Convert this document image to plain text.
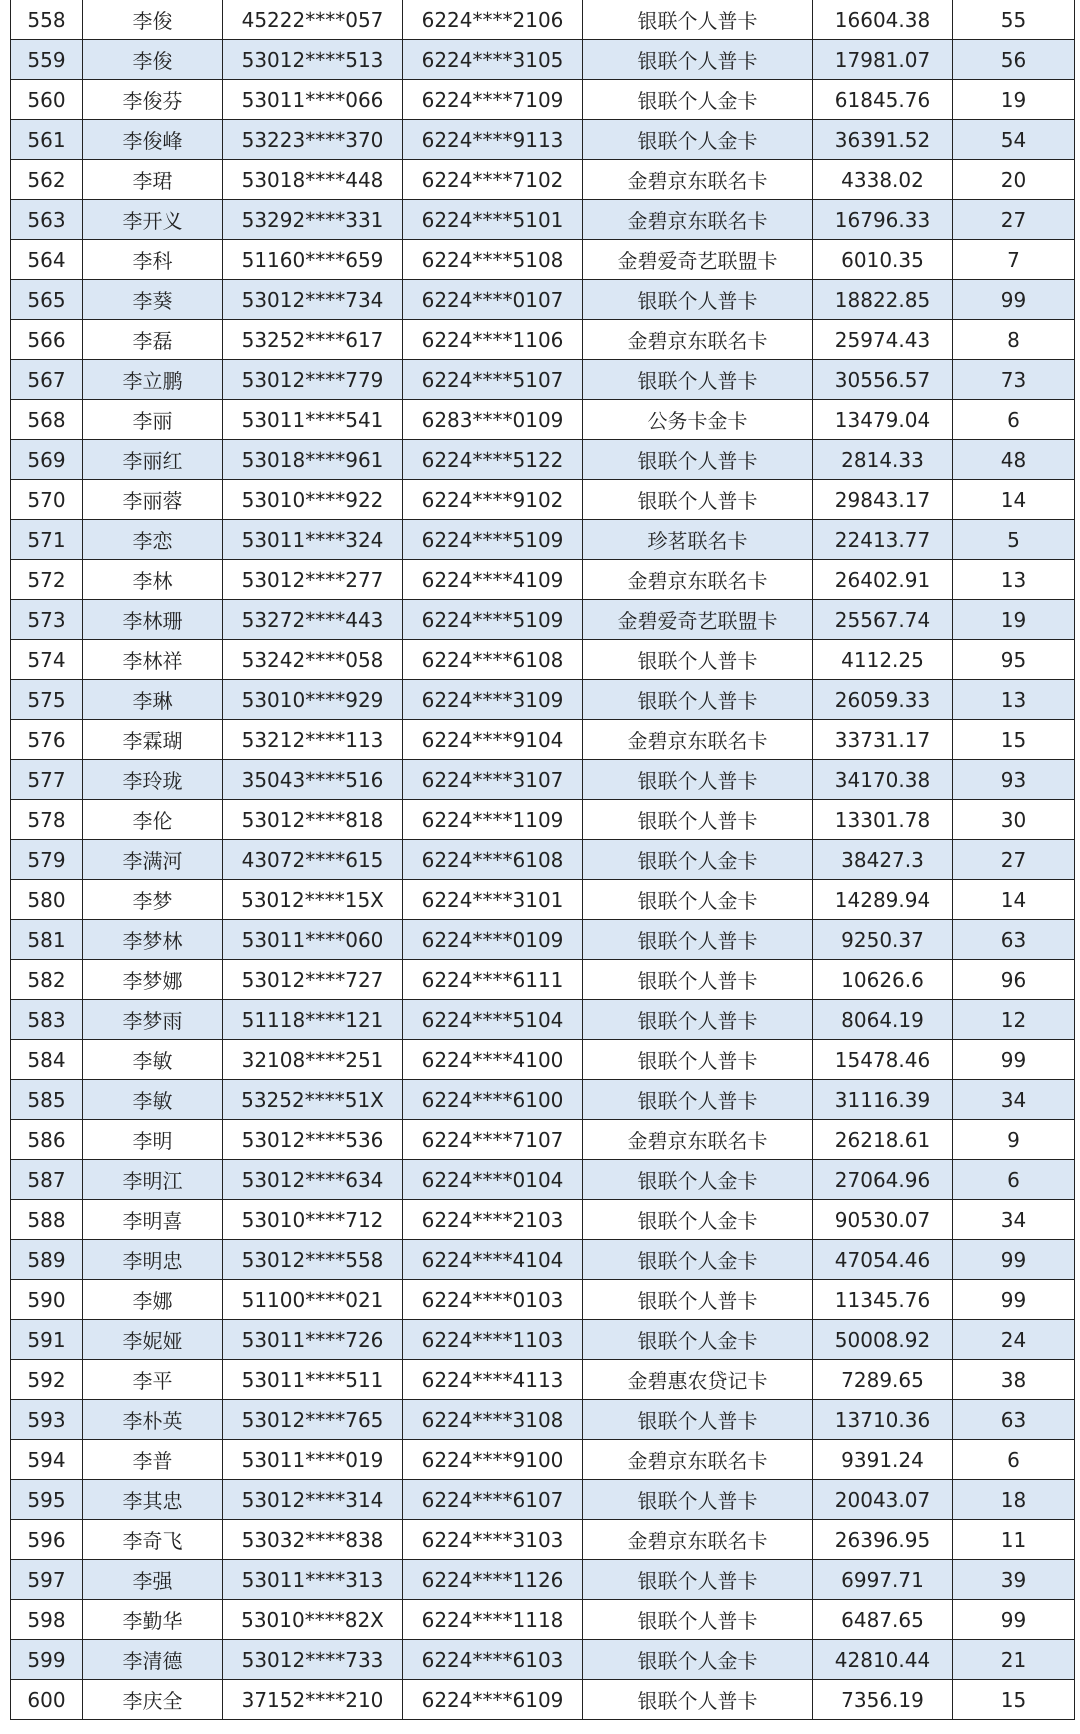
558	李俊	45222****057	6224****2106	银联个人普卡	16604.38	55
559	李俊	53012****513	6224****3105	银联个人普卡	17981.07	56
560	李俊芬	53011****066	6224****7109	银联个人金卡	61845.76	19
561	李俊峰	53223****370	6224****9113	银联个人金卡	36391.52	54
562	李珺	53018****448	6224****7102	金碧京东联名卡	4338.02	20
563	李开义	53292****331	6224****5101	金碧京东联名卡	16796.33	27
564	李科	51160****659	6224****5108	金碧爱奇艺联盟卡	6010.35	7
565	李葵	53012****734	6224****0107	银联个人普卡	18822.85	99
566	李磊	53252****617	6224****1106	金碧京东联名卡	25974.43	8
567	李立鹏	53012****779	6224****5107	银联个人普卡	30556.57	73
568	李丽	53011****541	6283****0109	公务卡金卡	13479.04	6
569	李丽红	53018****961	6224****5122	银联个人普卡	2814.33	48
570	李丽蓉	53010****922	6224****9102	银联个人普卡	29843.17	14
571	李恋	53011****324	6224****5109	珍茗联名卡	22413.77	5
572	李林	53012****277	6224****4109	金碧京东联名卡	26402.91	13
573	李林珊	53272****443	6224****5109	金碧爱奇艺联盟卡	25567.74	19
574	李林祥	53242****058	6224****6108	银联个人普卡	4112.25	95
575	李琳	53010****929	6224****3109	银联个人普卡	26059.33	13
576	李霖瑚	53212****113	6224****9104	金碧京东联名卡	33731.17	15
577	李玲珑	35043****516	6224****3107	银联个人普卡	34170.38	93
578	李伦	53012****818	6224****1109	银联个人普卡	13301.78	30
579	李满河	43072****615	6224****6108	银联个人金卡	38427.3	27
580	李梦	53012****15X	6224****3101	银联个人金卡	14289.94	14
581	李梦林	53011****060	6224****0109	银联个人普卡	9250.37	63
582	李梦娜	53012****727	6224****6111	银联个人普卡	10626.6	96
583	李梦雨	51118****121	6224****5104	银联个人普卡	8064.19	12
584	李敏	32108****251	6224****4100	银联个人普卡	15478.46	99
585	李敏	53252****51X	6224****6100	银联个人普卡	31116.39	34
586	李明	53012****536	6224****7107	金碧京东联名卡	26218.61	9
587	李明江	53012****634	6224****0104	银联个人金卡	27064.96	6
588	李明喜	53010****712	6224****2103	银联个人金卡	90530.07	34
589	李明忠	53012****558	6224****4104	银联个人金卡	47054.46	99
590	李娜	51100****021	6224****0103	银联个人普卡	11345.76	99
591	李妮娅	53011****726	6224****1103	银联个人金卡	50008.92	24
592	李平	53011****511	6224****4113	金碧惠农贷记卡	7289.65	38
593	李朴英	53012****765	6224****3108	银联个人普卡	13710.36	63
594	李普	53011****019	6224****9100	金碧京东联名卡	9391.24	6
595	李其忠	53012****314	6224****6107	银联个人普卡	20043.07	18
596	李奇飞	53032****838	6224****3103	金碧京东联名卡	26396.95	11
597	李强	53011****313	6224****1126	银联个人普卡	6997.71	39
598	李勤华	53010****82X	6224****1118	银联个人普卡	6487.65	99
599	李清德	53012****733	6224****6103	银联个人金卡	42810.44	21
600	李庆全	37152****210	6224****6109	银联个人普卡	7356.19	15
